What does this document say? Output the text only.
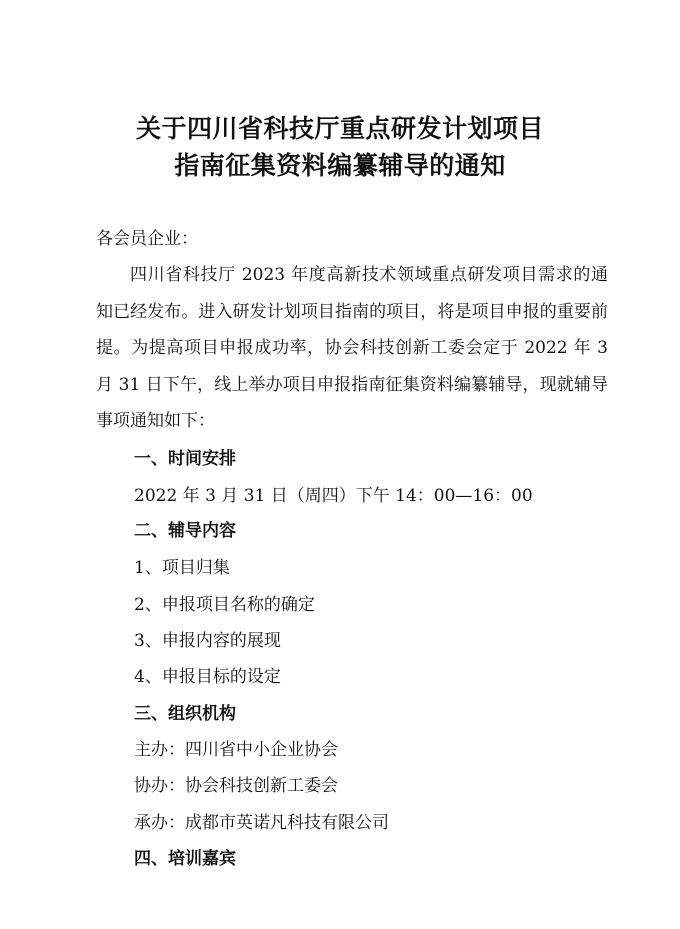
关于四川省科技厅重点研发计划项目
指南征集资料编纂辅导的通知
各会员企业：
四川省科技厅 2023 年度高新技术领域重点研发项目需求的通知已经发布。进入研发计划项目指南的项目，将是项目申报的重要前提。为提高项目申报成功率，协会科技创新工委会定于 2022 年 3 月 31 日下午，线上举办项目申报指南征集资料编纂辅导，现就辅导事项通知如下：
一、时间安排
2022 年 3 月 31 日（周四）下午 14：00—16：00
二、辅导内容
1、项目归集
2、申报项目名称的确定
3、申报内容的展现
4、申报目标的设定
三、组织机构
主办：四川省中小企业协会
协办：协会科技创新工委会
承办：成都市英诺凡科技有限公司
四、培训嘉宾
